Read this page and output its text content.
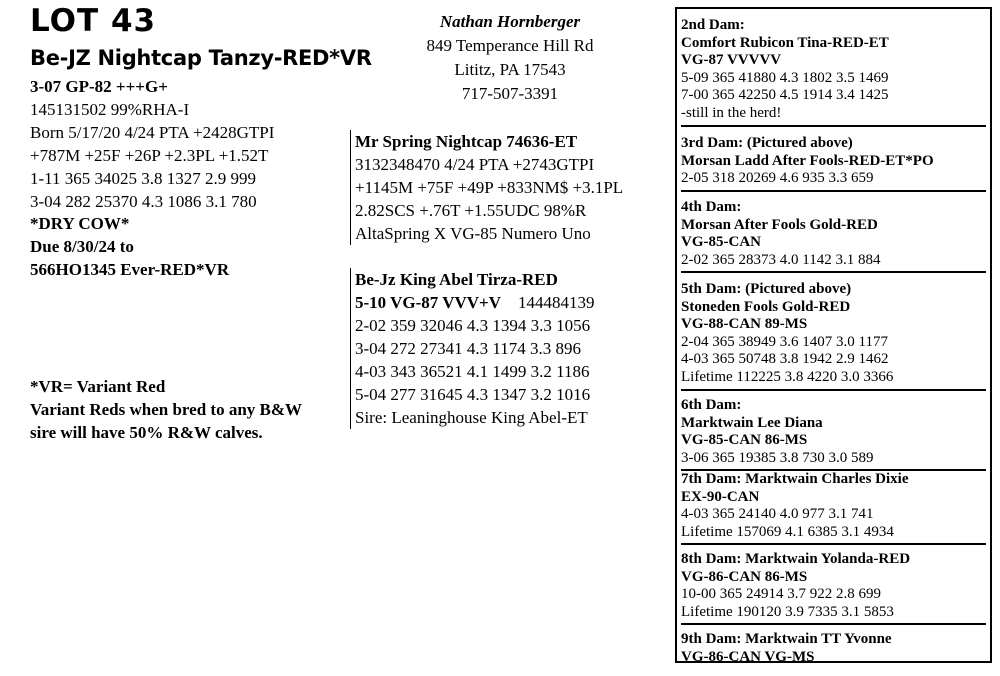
LOT 43
Be-JZ Nightcap Tanzy-RED*VR
3-07 GP-82 +++G+
145131502 99%RHA-I
Born 5/17/20 4/24 PTA +2428GTPI
+787M +25F +26P +2.3PL +1.52T
1-11 365 34025 3.8 1327 2.9 999
3-04 282 25370 4.3 1086 3.1 780
*DRY COW*
Due 8/30/24 to
566HO1345 Ever-RED*VR
*VR= Variant Red
Variant Reds when bred to any B&W
sire will have 50% R&W calves.
Nathan Hornberger
849 Temperance Hill Rd
Lititz, PA 17543
717-507-3391
Mr Spring Nightcap 74636-ET
3132348470 4/24 PTA +2743GTPI
+1145M +75F +49P +833NM$ +3.1PL
2.82SCS +.76T +1.55UDC 98%R
AltaSpring X VG-85 Numero Uno
Be-Jz King Abel Tirza-RED
5-10 VG-87 VVV+V 144484139
2-02 359 32046 4.3 1394 3.3 1056
3-04 272 27341 4.3 1174 3.3 896
4-03 343 36521 4.1 1499 3.2 1186
5-04 277 31645 4.3 1347 3.2 1016
Sire: Leaninghouse King Abel-ET
2nd Dam:
Comfort Rubicon Tina-RED-ET
VG-87 VVVVV
5-09 365 41880 4.3 1802 3.5 1469
7-00 365 42250 4.5 1914 3.4 1425
-still in the herd!
3rd Dam: (Pictured above)
Morsan Ladd After Fools-RED-ET*PO
2-05 318 20269 4.6 935 3.3 659
4th Dam:
Morsan After Fools Gold-RED
VG-85-CAN
2-02 365 28373 4.0 1142 3.1 884
5th Dam: (Pictured above)
Stoneden Fools Gold-RED
VG-88-CAN 89-MS
2-04 365 38949 3.6 1407 3.0 1177
4-03 365 50748 3.8 1942 2.9 1462
Lifetime 112225 3.8 4220 3.0 3366
6th Dam:
Marktwain Lee Diana
VG-85-CAN 86-MS
3-06 365 19385 3.8 730 3.0 589
7th Dam: Marktwain Charles Dixie
EX-90-CAN
4-03 365 24140 4.0 977 3.1 741
Lifetime 157069 4.1 6385 3.1 4934
8th Dam: Marktwain Yolanda-RED
VG-86-CAN 86-MS
10-00 365 24914 3.7 922 2.8 699
Lifetime 190120 3.9 7335 3.1 5853
9th Dam: Marktwain TT Yvonne
VG-86-CAN VG-MS
